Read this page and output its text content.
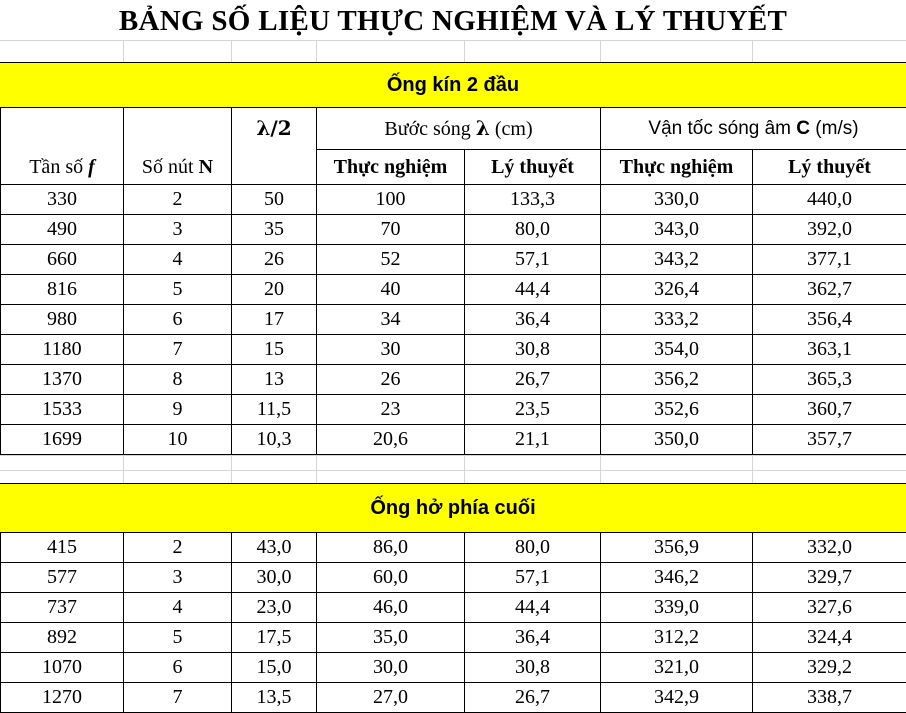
BẢNG SỐ LIỆU THỰC NGHIỆM VÀ LÝ THUYẾT
Ống kín 2 đầu
		λ/2	Bước sóng λ (cm)		Vận tốc sóng âm C (m/s)	
Tần số f	Số nút N		Thực nghiệm	Lý thuyết	Thực nghiệm	Lý thuyết
330	2	50	100	133,3	330,0	440,0
490	3	35	70	80,0	343,0	392,0
660	4	26	52	57,1	343,2	377,1
816	5	20	40	44,4	326,4	362,7
980	6	17	34	36,4	333,2	356,4
1180	7	15	30	30,8	354,0	363,1
1370	8	13	26	26,7	356,2	365,3
1533	9	11,5	23	23,5	352,6	360,7
1699	10	10,3	20,6	21,1	350,0	357,7
Ống hở phía cuối
415	2	43,0	86,0	80,0	356,9	332,0
577	3	30,0	60,0	57,1	346,2	329,7
737	4	23,0	46,0	44,4	339,0	327,6
892	5	17,5	35,0	36,4	312,2	324,4
1070	6	15,0	30,0	30,8	321,0	329,2
1270	7	13,5	27,0	26,7	342,9	338,7
